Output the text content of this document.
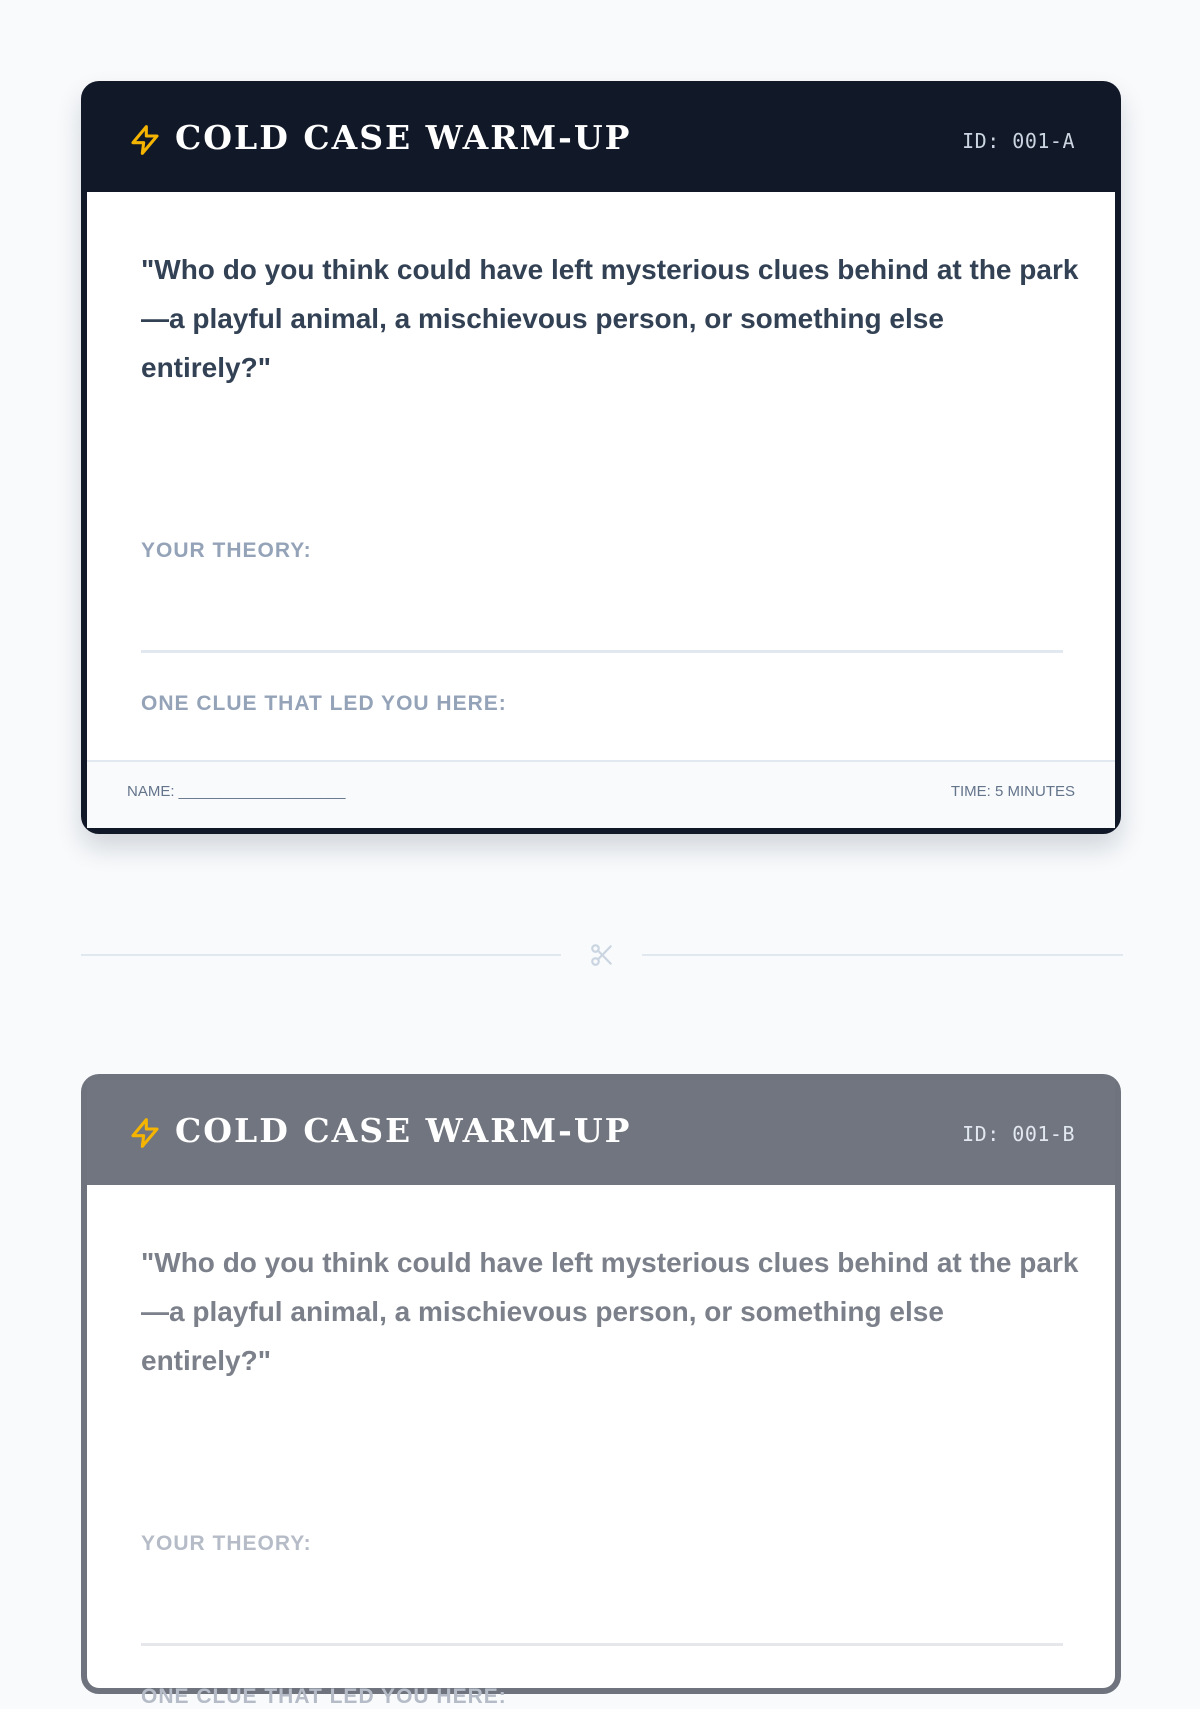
COLD CASE WARM-UP	ID: 001-A
"Who do you think could have left mysterious clues behind at the park—a playful animal, a mischievous person, or something else entirely?"
YOUR THEORY:
ONE CLUE THAT LED YOU HERE:
NAME: ____________________	TIME: 5 MINUTES
COLD CASE WARM-UP	ID: 001-B
"Who do you think could have left mysterious clues behind at the park—a playful animal, a mischievous person, or something else entirely?"
YOUR THEORY:
ONE CLUE THAT LED YOU HERE:
